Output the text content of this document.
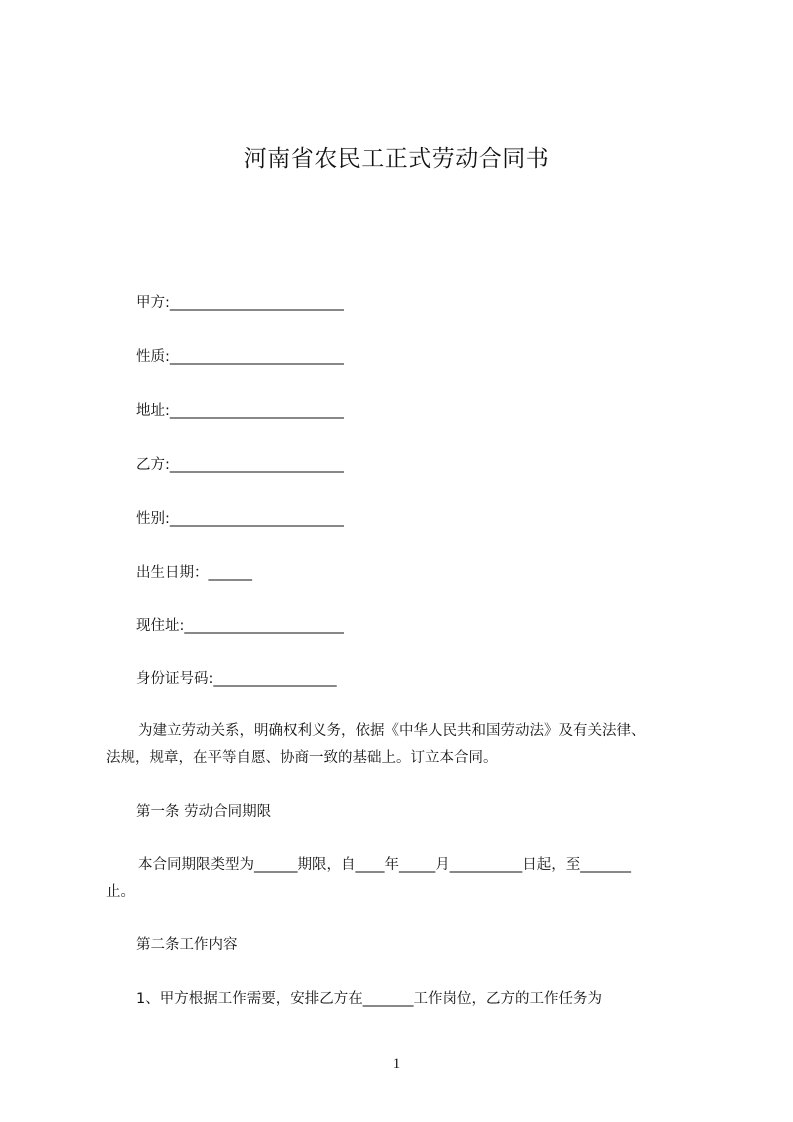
河南省农民工正式劳动合同书
甲方:________________________
性质:________________________
地址:________________________
乙方:________________________
性别:________________________
出生日期：______
现住址:______________________
身份证号码:_________________
为建立劳动关系，明确权利义务，依据《中华人民共和国劳动法》及有关法律、
法规，规章，在平等自愿、协商一致的基础上。订立本合同。
第一条 劳动合同期限
本合同期限类型为______期限，自____年_____月__________日起，至_______
止。
第二条工作内容
1、甲方根据工作需要，安排乙方在_______工作岗位，乙方的工作任务为
1
